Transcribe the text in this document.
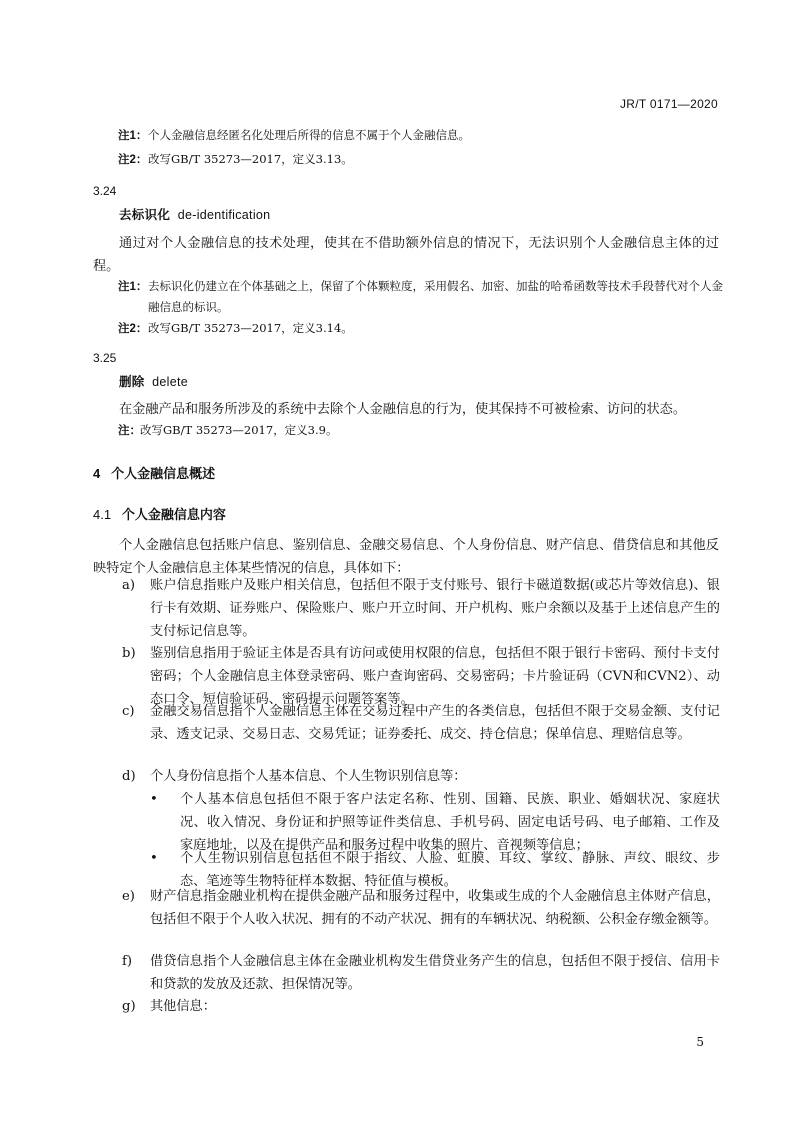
JR/T 0171—2020
注1： 个人金融信息经匿名化处理后所得的信息不属于个人金融信息。
注2： 改写GB/T 35273—2017，定义3.13。
3.24
去标识化 de-identification
通过对个人金融信息的技术处理，使其在不借助额外信息的情况下，无法识别个人金融信息主体的过程。
注1： 去标识化仍建立在个体基础之上，保留了个体颗粒度，采用假名、加密、加盐的哈希函数等技术手段替代对个人金融信息的标识。
注2： 改写GB/T 35273—2017，定义3.14。
3.25
删除 delete
在金融产品和服务所涉及的系统中去除个人金融信息的行为，使其保持不可被检索、访问的状态。
注： 改写GB/T 35273—2017，定义3.9。
4 个人金融信息概述
4.1 个人金融信息内容
个人金融信息包括账户信息、鉴别信息、金融交易信息、个人身份信息、财产信息、借贷信息和其他反映特定个人金融信息主体某些情况的信息，具体如下：
a) 账户信息指账户及账户相关信息，包括但不限于支付账号、银行卡磁道数据(或芯片等效信息)、银行卡有效期、证券账户、保险账户、账户开立时间、开户机构、账户余额以及基于上述信息产生的支付标记信息等。
b) 鉴别信息指用于验证主体是否具有访问或使用权限的信息，包括但不限于银行卡密码、预付卡支付密码；个人金融信息主体登录密码、账户查询密码、交易密码；卡片验证码（CVN和CVN2）、动态口令、短信验证码、密码提示问题答案等。
c) 金融交易信息指个人金融信息主体在交易过程中产生的各类信息，包括但不限于交易金额、支付记录、透支记录、交易日志、交易凭证；证券委托、成交、持仓信息；保单信息、理赔信息等。
d) 个人身份信息指个人基本信息、个人生物识别信息等：
• 个人基本信息包括但不限于客户法定名称、性别、国籍、民族、职业、婚姻状况、家庭状况、收入情况、身份证和护照等证件类信息、手机号码、固定电话号码、电子邮箱、工作及家庭地址，以及在提供产品和服务过程中收集的照片、音视频等信息；
• 个人生物识别信息包括但不限于指纹、人脸、虹膜、耳纹、掌纹、静脉、声纹、眼纹、步态、笔迹等生物特征样本数据、特征值与模板。
e) 财产信息指金融业机构在提供金融产品和服务过程中，收集或生成的个人金融信息主体财产信息，包括但不限于个人收入状况、拥有的不动产状况、拥有的车辆状况、纳税额、公积金存缴金额等。
f) 借贷信息指个人金融信息主体在金融业机构发生借贷业务产生的信息，包括但不限于授信、信用卡和贷款的发放及还款、担保情况等。
g) 其他信息：
5
